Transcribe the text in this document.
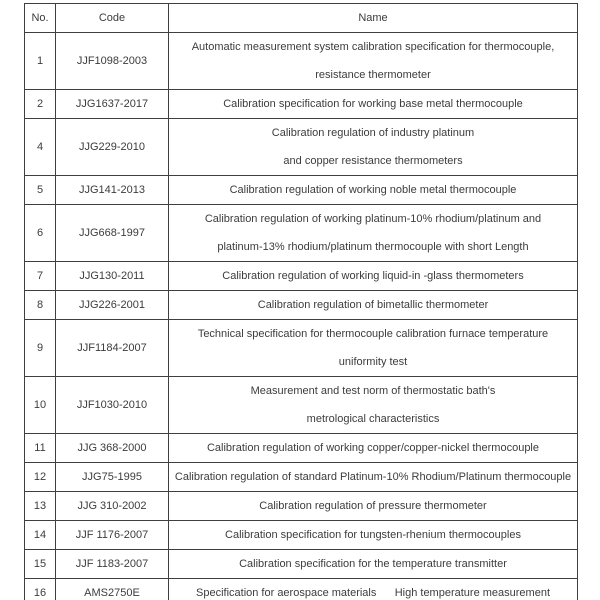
No.	Code	Name
1	JJF1098-2003	Automatic measurement system calibration specification for thermocouple,
resistance thermometer

2	JJG1637-2017	Calibration specification for working base metal thermocouple

4	JJG229-2010	Calibration regulation of industry platinum
and copper resistance thermometers

5	JJG141-2013	Calibration regulation of working noble metal thermocouple

6	JJG668-1997	Calibration regulation of working platinum-10% rhodium/platinum and
platinum-13% rhodium/platinum thermocouple with short Length

7	JJG130-2011	Calibration regulation of working liquid-in -glass thermometers

8	JJG226-2001	Calibration regulation of bimetallic thermometer

9	JJF1184-2007	Technical specification for thermocouple calibration furnace temperature
uniformity test

10	JJF1030-2010	Measurement and test norm of thermostatic bath's
metrological characteristics

11	JJG 368-2000	Calibration regulation of working copper/copper-nickel thermocouple

12	JJG75-1995	Calibration regulation of standard Platinum-10% Rhodium/Platinum thermocouple

13	JJG 310-2002	Calibration regulation of pressure thermometer

14	JJF 1176-2007	Calibration specification for tungsten-rhenium thermocouples

15	JJF 1183-2007	Calibration specification for the temperature transmitter

16	AMS2750E	Specification for aerospace materials      High temperature measurement
